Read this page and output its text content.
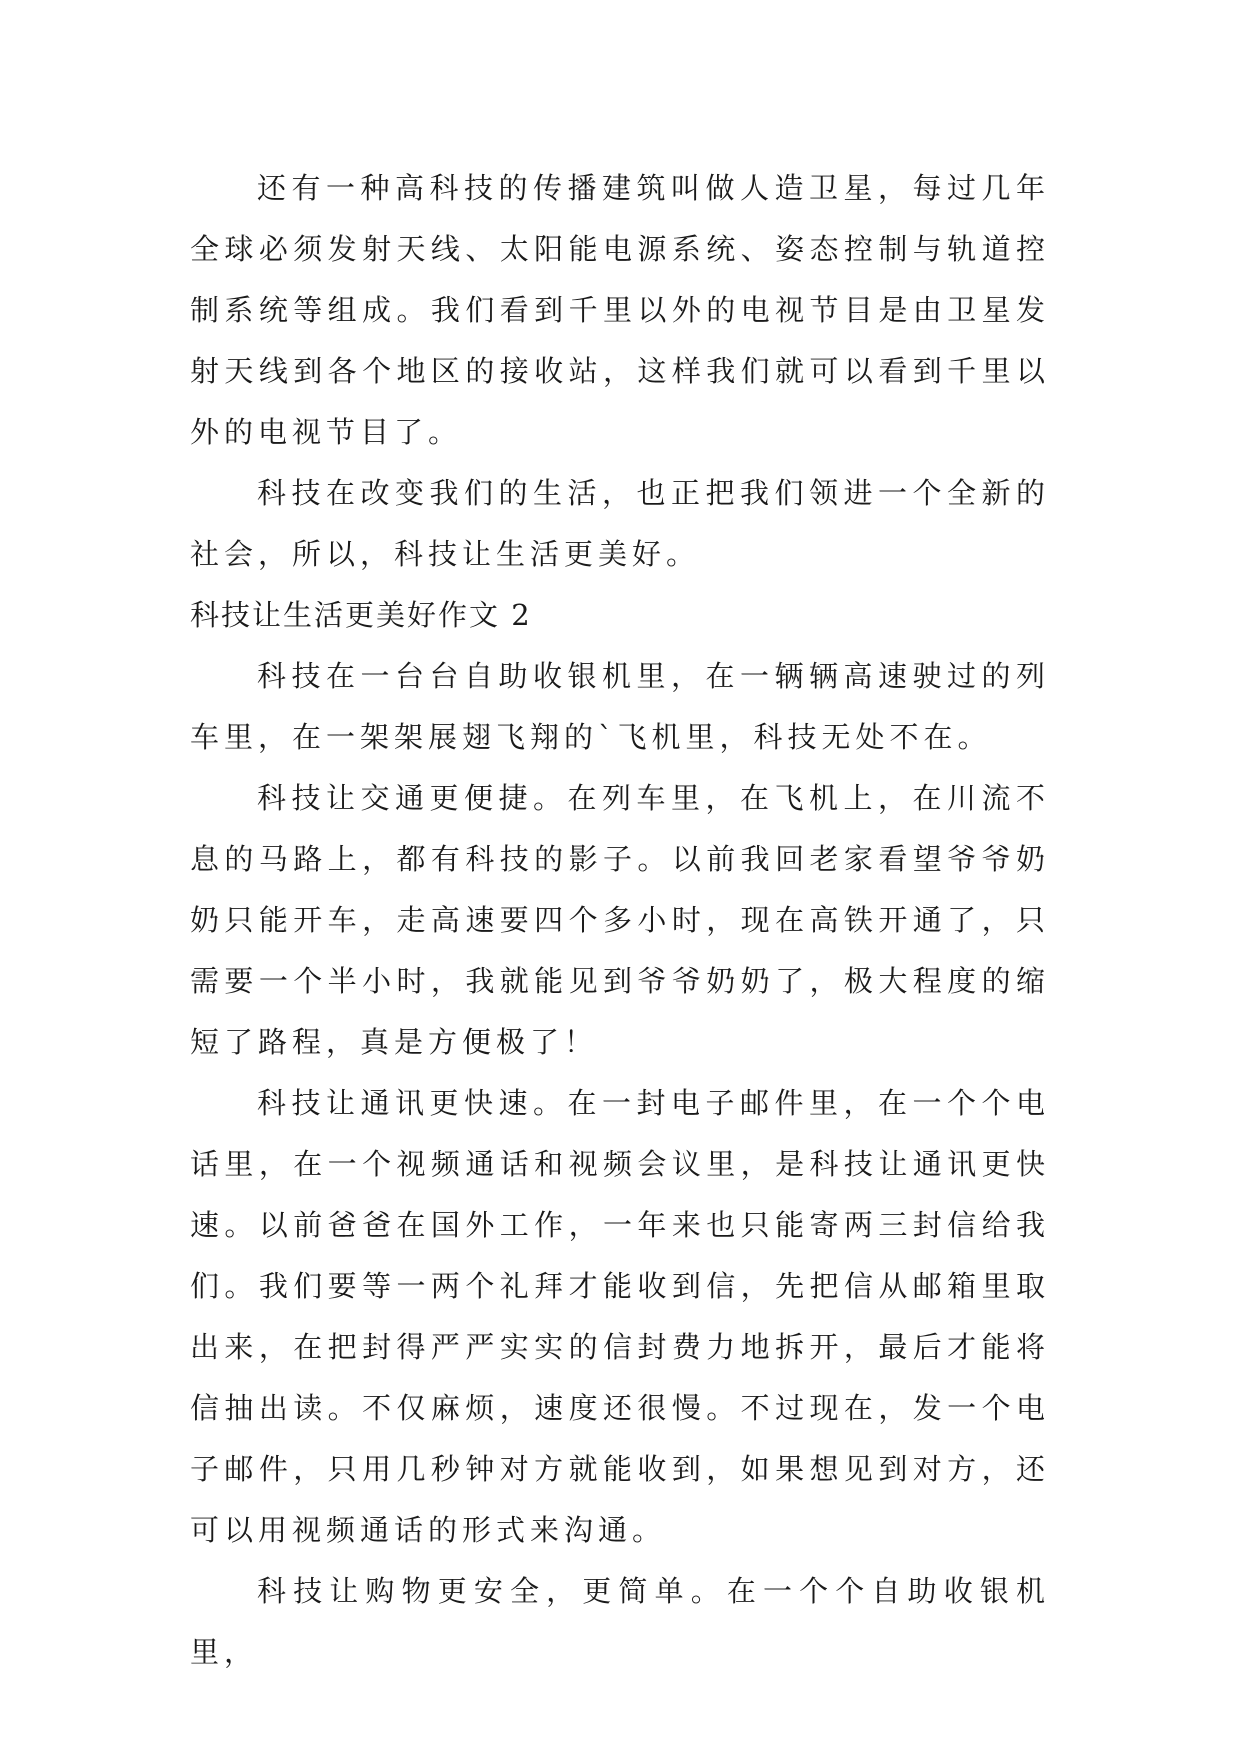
还有一种高科技的传播建筑叫做人造卫星，每过几年全球必须发射天线、太阳能电源系统、姿态控制与轨道控制系统等组成。我们看到千里以外的电视节目是由卫星发射天线到各个地区的接收站，这样我们就可以看到千里以外的电视节目了。

科技在改变我们的生活，也正把我们领进一个全新的社会，所以，科技让生活更美好。

科技让生活更美好作文 2

科技在一台台自助收银机里，在一辆辆高速驶过的列车里，在一架架展翅飞翔的`飞机里，科技无处不在。

科技让交通更便捷。在列车里，在飞机上，在川流不息的马路上，都有科技的影子。以前我回老家看望爷爷奶奶只能开车，走高速要四个多小时，现在高铁开通了，只需要一个半小时，我就能见到爷爷奶奶了，极大程度的缩短了路程，真是方便极了！

科技让通讯更快速。在一封电子邮件里，在一个个电话里，在一个视频通话和视频会议里，是科技让通讯更快速。以前爸爸在国外工作，一年来也只能寄两三封信给我们。我们要等一两个礼拜才能收到信，先把信从邮箱里取出来，在把封得严严实实的信封费力地拆开，最后才能将信抽出读。不仅麻烦，速度还很慢。不过现在，发一个电子邮件，只用几秒钟对方就能收到，如果想见到对方，还可以用视频通话的形式来沟通。

科技让购物更安全，更简单。在一个个自助收银机里，
